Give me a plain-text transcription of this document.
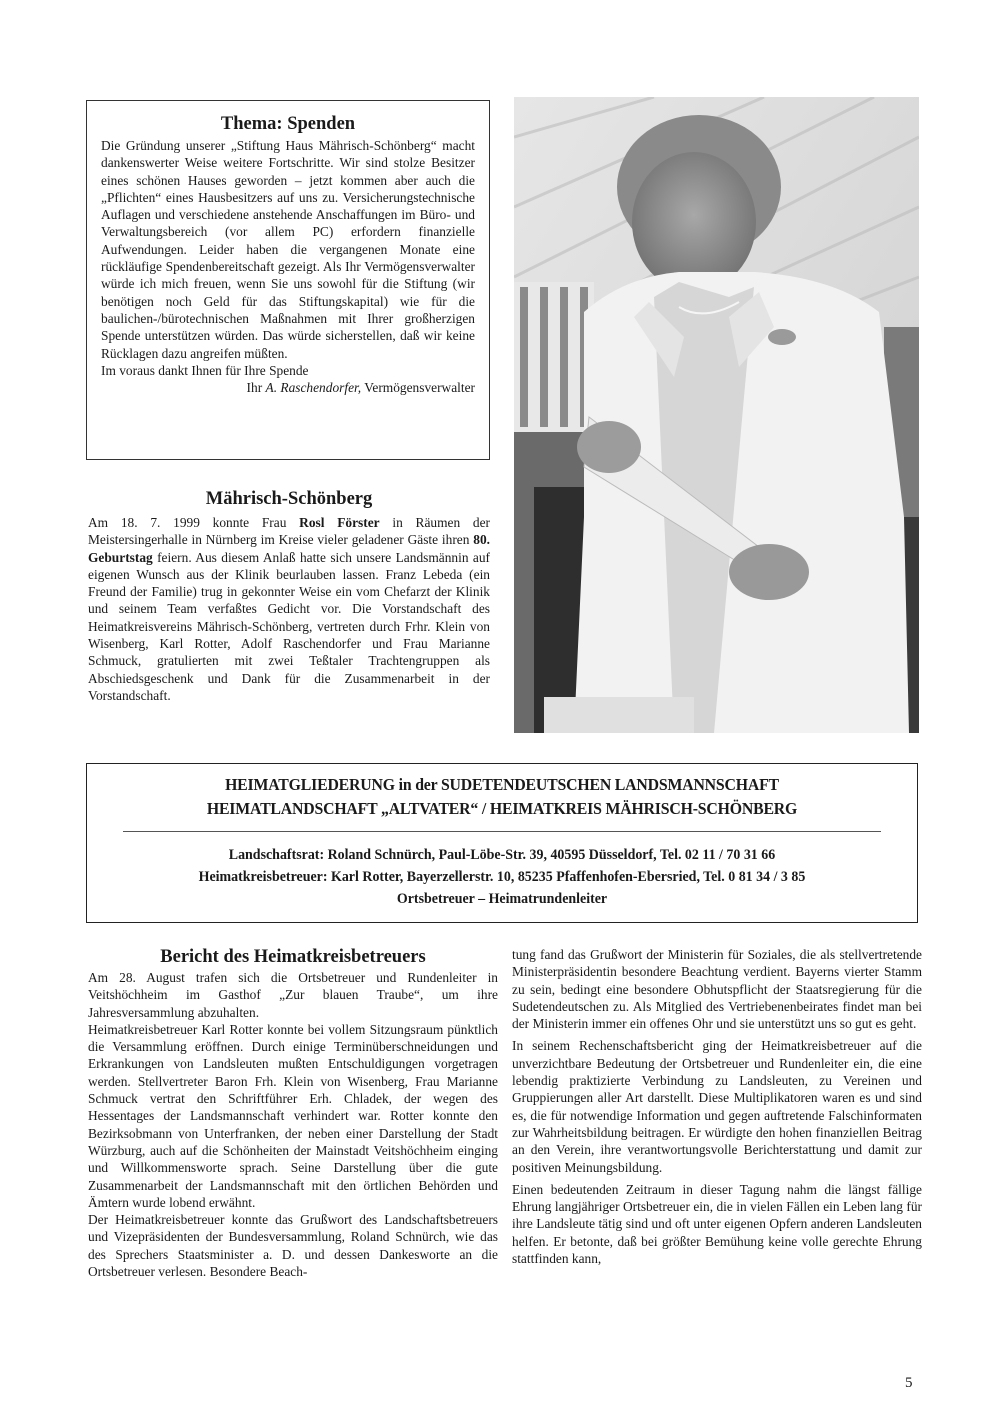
Thema: Spenden

Die Gründung unserer „Stiftung Haus Mährisch-Schönberg“ macht dankenswerter Weise weitere Fortschritte. Wir sind stolze Besitzer eines schönen Hauses geworden – jetzt kommen aber auch die „Pflichten“ eines Hausbesitzers auf uns zu. Versicherungstechnische Auflagen und verschiedene anstehende Anschaffungen im Büro- und Verwaltungsbereich (vor allem PC) erfordern finanzielle Aufwendungen. Leider haben die vergangenen Monate eine rückläufige Spendenbereitschaft gezeigt. Als Ihr Vermögensverwalter würde ich mich freuen, wenn Sie uns sowohl für die Stiftung (wir benötigen noch Geld für das Stiftungskapital) wie für die baulichen-/bürotechnischen Maßnahmen mit Ihrer großherzigen Spende unterstützen würden. Das würde sicherstellen, daß wir keine Rücklagen dazu angreifen müßten.

Im voraus dankt Ihnen für Ihre Spende

Ihr A. Raschendorfer, Vermögensverwalter

Mährisch-Schönberg

Am 18. 7. 1999 konnte Frau Rosl Förster in Räumen der Meistersingerhalle in Nürnberg im Kreise vieler geladener Gäste ihren 80. Geburtstag feiern. Aus diesem Anlaß hatte sich unsere Landsmännin auf eigenen Wunsch aus der Klinik beurlauben lassen. Franz Lebeda (ein Freund der Familie) trug in gekonnter Weise ein vom Chefarzt der Klinik und seinem Team verfaßtes Gedicht vor. Die Vorstandschaft des Heimatkreisvereins Mährisch-Schönberg, vertreten durch Frhr. Klein von Wisenberg, Karl Rotter, Adolf Raschendorfer und Frau Marianne Schmuck, gratulierten mit zwei Teßtaler Trachtengruppen als Abschiedsgeschenk und Dank für die Zusammenarbeit in der Vorstandschaft.

HEIMATGLIEDERUNG in der SUDETENDEUTSCHEN LANDSMANNSCHAFT
HEIMATLANDSCHAFT „ALTVATER“ / HEIMATKREIS MÄHRISCH-SCHÖNBERG
Landschaftsrat: Roland Schnürch, Paul-Löbe-Str. 39, 40595 Düsseldorf, Tel. 02 11 / 70 31 66
Heimatkreisbetreuer: Karl Rotter, Bayerzellerstr. 10, 85235 Pfaffenhofen-Ebersried, Tel. 0 81 34 / 3 85
Ortsbetreuer – Heimatrundenleiter
Bericht des Heimatkreisbetreuers

Am 28. August trafen sich die Ortsbetreuer und Rundenleiter in Veitshöchheim im Gasthof „Zur blauen Traube“, um ihre Jahresversammlung abzuhalten.

Heimatkreisbetreuer Karl Rotter konnte bei vollem Sitzungsraum pünktlich die Versammlung eröffnen. Durch einige Terminüberschneidungen und Erkrankungen von Landsleuten mußten Entschuldigungen vorgetragen werden. Stellvertreter Baron Frh. Klein von Wisenberg, Frau Marianne Schmuck vertrat den Schriftführer Erh. Chladek, der wegen des Hessentages der Landsmannschaft verhindert war. Rotter konnte den Bezirksobmann von Unterfranken, der neben einer Darstellung der Stadt Würzburg, auch auf die Schönheiten der Mainstadt Veitshöchheim einging und Willkommensworte sprach. Seine Darstellung über die gute Zusammenarbeit der Landsmannschaft mit den örtlichen Behörden und Ämtern wurde lobend erwähnt.

Der Heimatkreisbetreuer konnte das Grußwort des Landschaftsbetreuers und Vizepräsidenten der Bundesversammlung, Roland Schnürch, wie das des Sprechers Staatsminister a. D. und dessen Dankesworte an die Ortsbetreuer verlesen. Besondere Beach-

tung fand das Grußwort der Ministerin für Soziales, die als stellvertretende Ministerpräsidentin besondere Beachtung verdient. Bayerns vierter Stamm zu sein, bedingt eine besondere Obhutspflicht der Staatsregierung für die Sudetendeutschen zu. Als Mitglied des Vertriebenenbeirates findet man bei der Ministerin immer ein offenes Ohr und sie unterstützt uns so gut es geht.

In seinem Rechenschaftsbericht ging der Heimatkreisbetreuer auf die unverzichtbare Bedeutung der Ortsbetreuer und Rundenleiter ein, die eine lebendig praktizierte Verbindung zu Landsleuten, zu Vereinen und Gruppierungen aller Art darstellt. Diese Multiplikatoren waren es und sind es, die für notwendige Information und gegen auftretende Falschinformaten zur Wahrheitsbildung beitragen. Er würdigte den hohen finanziellen Beitrag an den Verein, ihre verantwortungsvolle Berichterstattung und damit zur positiven Meinungsbildung.

Einen bedeutenden Zeitraum in dieser Tagung nahm die längst fällige Ehrung langjähriger Ortsbetreuer ein, die in vielen Fällen ein Leben lang für ihre Landsleute tätig sind und oft unter eigenen Opfern anderen Landsleuten helfen. Er betonte, daß bei größter Bemühung keine volle gerechte Ehrung stattfinden kann,

5
